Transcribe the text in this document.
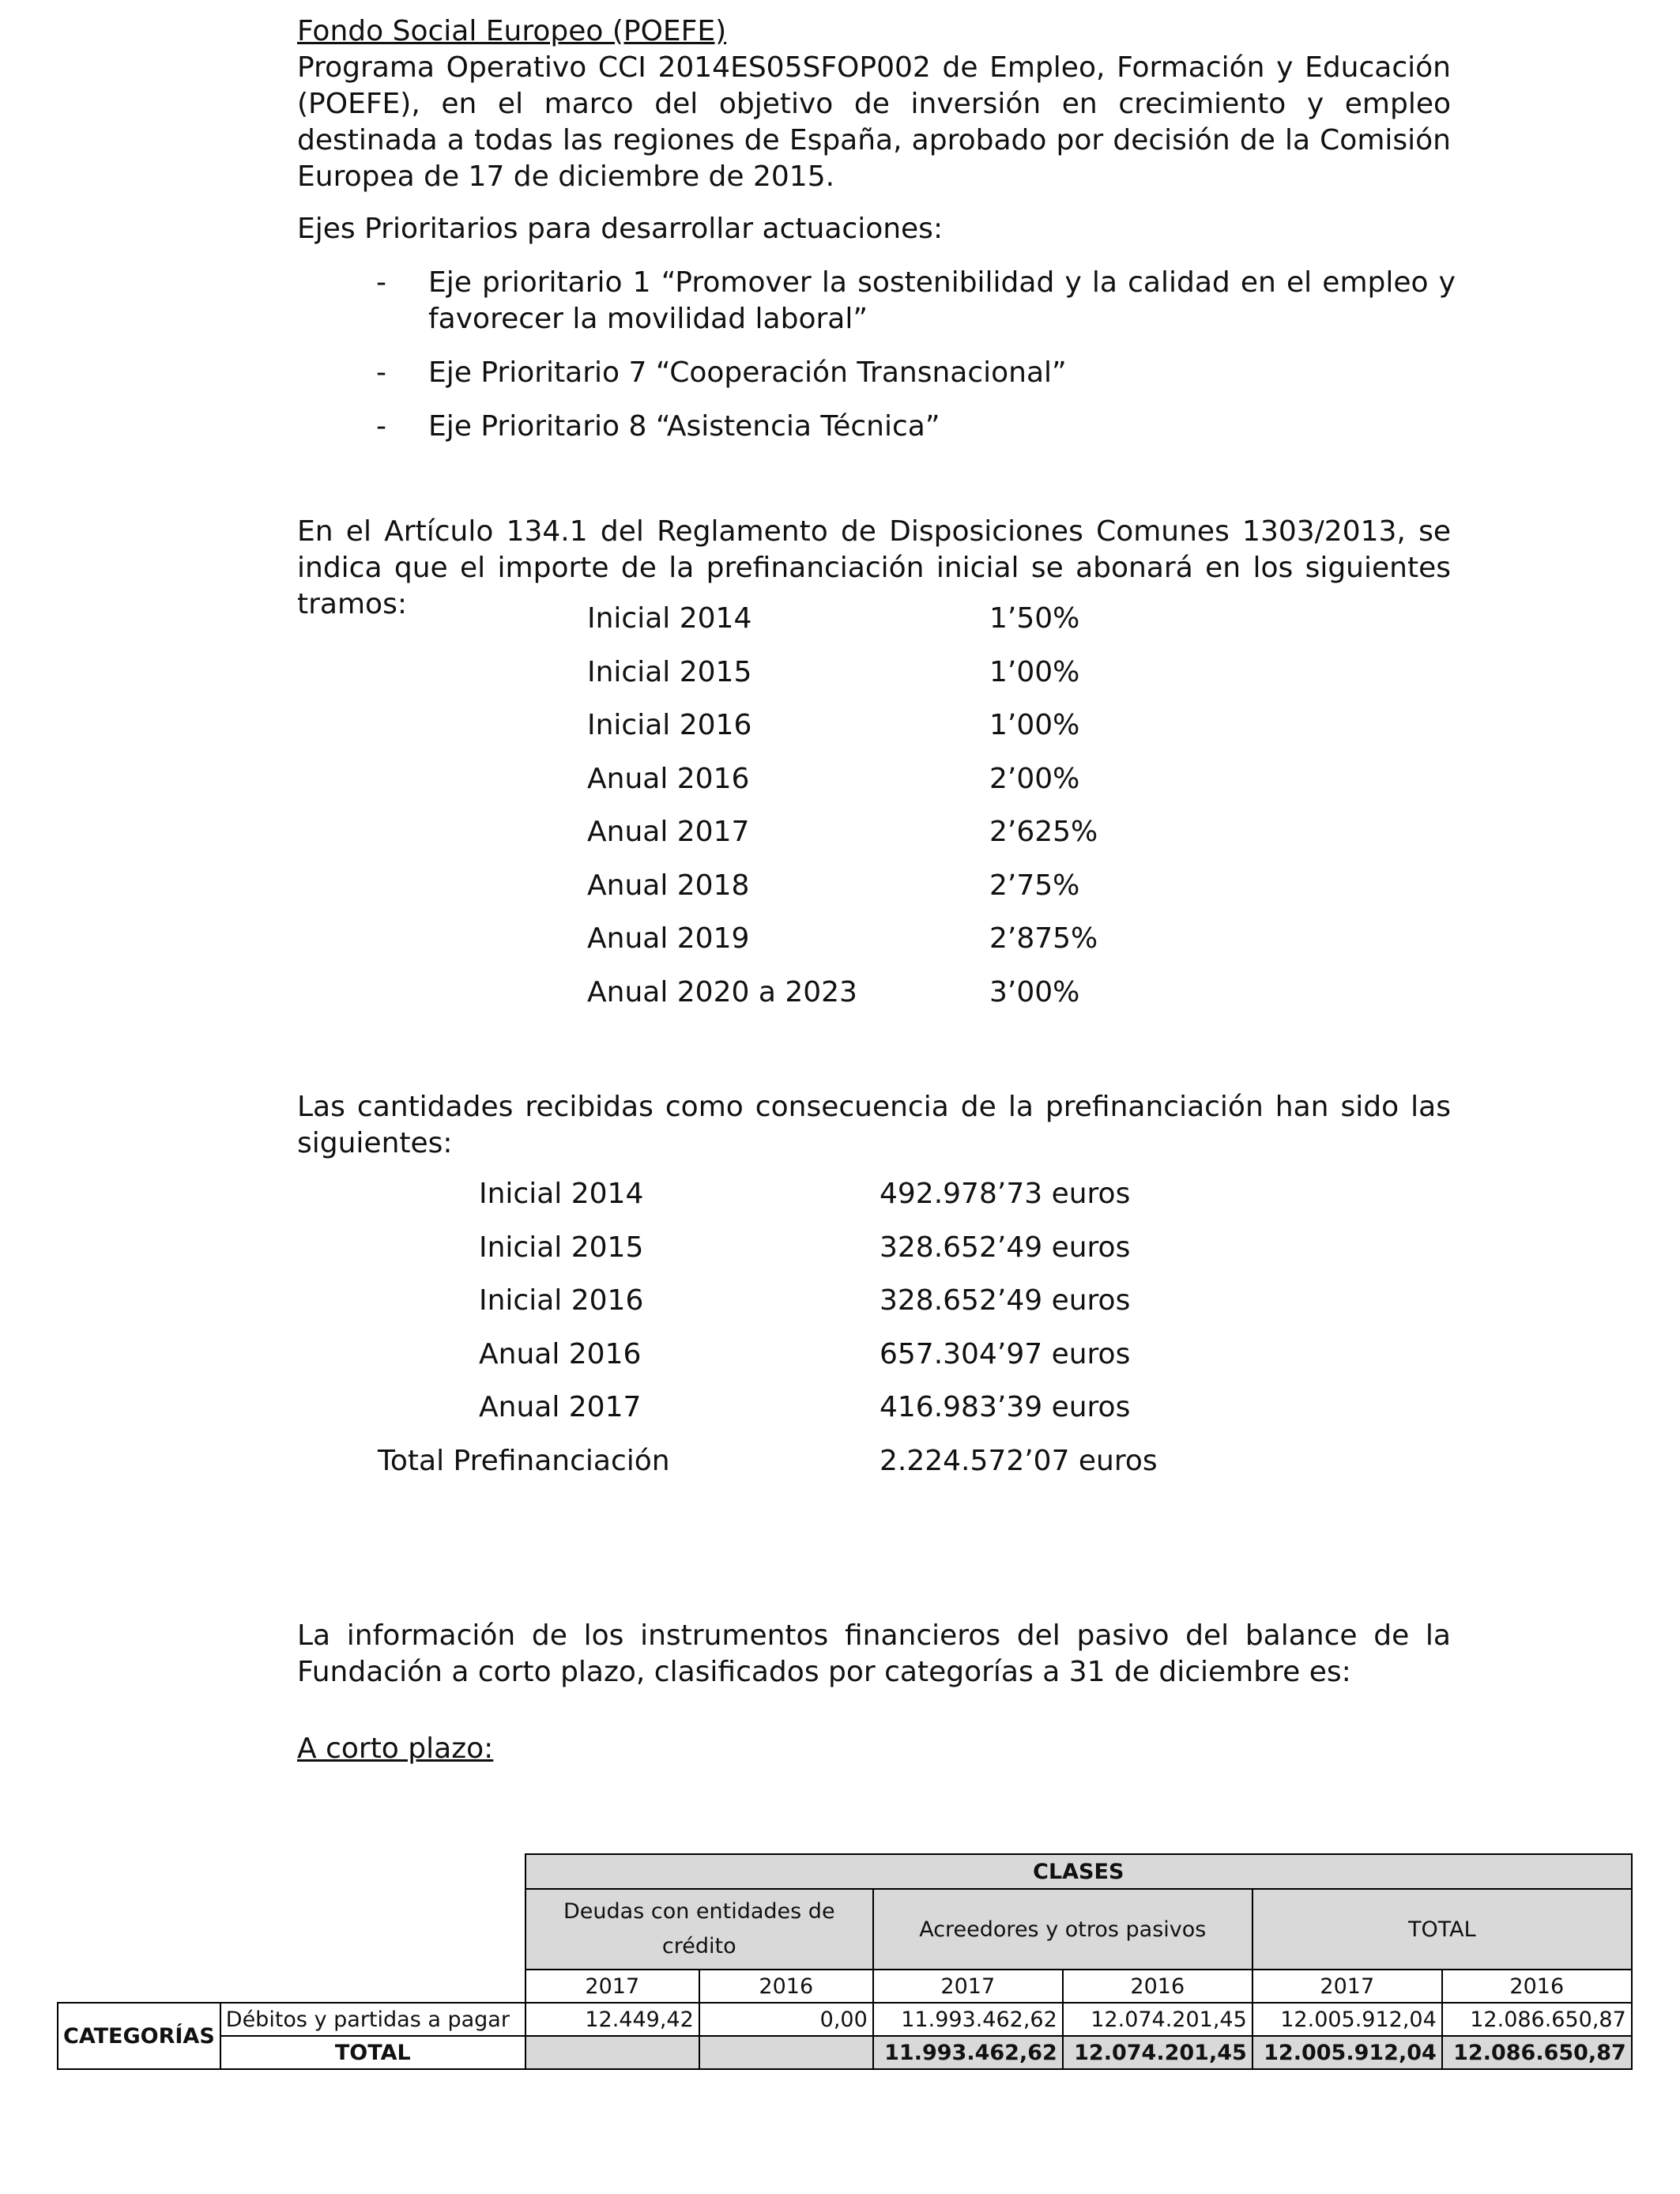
Fondo Social Europeo (POEFE)
Programa Operativo CCI 2014ES05SFOP002 de Empleo, Formación y Educación (POEFE), en el marco del objetivo de inversión en crecimiento y empleo destinada a todas las regiones de España, aprobado por decisión de la Comisión Europea de 17 de diciembre de 2015.
Ejes Prioritarios para desarrollar actuaciones:
- Eje prioritario 1 “Promover la sostenibilidad y la calidad en el empleo y favorecer la movilidad laboral”
- Eje Prioritario 7 “Cooperación Transnacional”
- Eje Prioritario 8 “Asistencia Técnica”
En el Artículo 134.1 del Reglamento de Disposiciones Comunes 1303/2013, se indica que el importe de la prefinanciación inicial se abonará en los siguientes tramos:	Inicial 2014	1’50%
Inicial 2015	1’00%
Inicial 2016	1’00%
Anual 2016	2’00%
Anual 2017	2’625%
Anual 2018	2’75%
Anual 2019	2’875%
Anual 2020 a 2023	3’00%
Las cantidades recibidas como consecuencia de la prefinanciación han sido las siguientes:
Inicial 2014	492.978’73 euros
Inicial 2015	328.652’49 euros
Inicial 2016	328.652’49 euros
Anual 2016	657.304’97 euros
Anual 2017	416.983’39 euros
Total Prefinanciación	2.224.572’07 euros
La información de los instrumentos financieros del pasivo del balance de la Fundación a corto plazo, clasificados por categorías a 31 de diciembre es:
A corto plazo:
		CLASES					
		Deudas con entidades de crédito		Acreedores y otros pasivos		TOTAL	
		2017	2016	2017	2016	2017	2016
CATEGORÍAS	Débitos y partidas a pagar	12.449,42	0,00	11.993.462,62	12.074.201,45	12.005.912,04	12.086.650,87
	TOTAL			11.993.462,62	12.074.201,45	12.005.912,04	12.086.650,87
